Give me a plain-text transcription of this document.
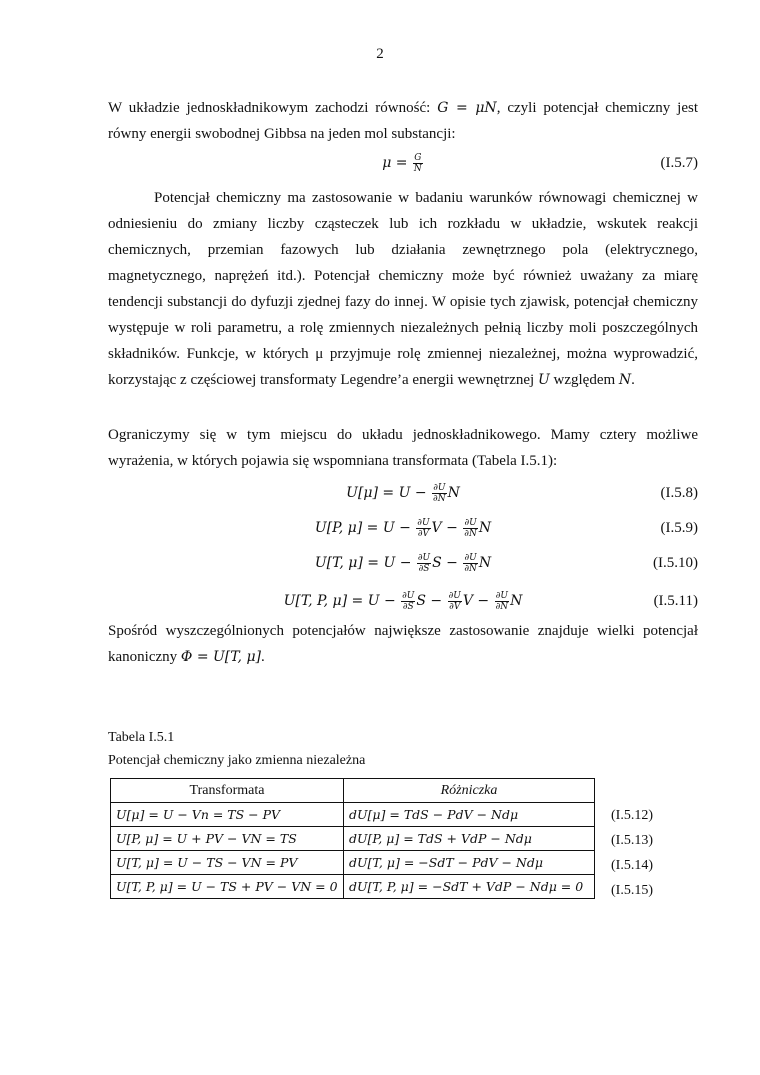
2

W układzie jednoskładnikowym zachodzi równość: G = μN, czyli potencjał chemiczny jest równy energii swobodnej Gibbsa na jeden mol substancji:

$\mu = \frac{G}{N}$	(I.5.7)

Potencjał chemiczny ma zastosowanie w badaniu warunków równowagi chemicznej w odniesieniu do zmiany liczby cząsteczek lub ich rozkładu w układzie, wskutek reakcji chemicznych, przemian fazowych lub działania zewnętrznego pola (elektrycznego, magnetycznego, naprężeń itd.). Potencjał chemiczny może być również uważany za miarę tendencji substancji do dyfuzji zjednej fazy do innej. W opisie tych zjawisk, potencjał chemiczny występuje w roli parametru, a rolę zmiennych niezależnych pełnią liczby moli poszczególnych składników. Funkcje, w których μ przyjmuje rolę zmiennej niezależnej, można wyprowadzić, korzystając z częściowej transformaty Legendre’a energii wewnętrznej U względem N.

Ograniczymy się w tym miejscu do układu jednoskładnikowego. Mamy cztery możliwe wyrażenia, w których pojawia się wspomniana transformata (Tabela I.5.1):

$U[\mu] = U - \frac{\partial U}{\partial N}$ N	(I.5.8)
U[P, $\mu] = U - \frac{\partial U}{\partial V}$ $V - \frac{\partial U}{\partial N}$ N	(I.5.9)
U[T, $\mu] = U - \frac{\partial U}{\partial S}$ $S - \frac{\partial U}{\partial N}$ N	(I.5.10)
U[T, P, $\mu] = U - \frac{\partial U}{\partial S}$ $S - \frac{\partial U}{\partial V}$ $V - \frac{\partial U}{\partial N}$ N	(I.5.11)

Spośród wyszczególnionych potencjałów największe zastosowanie znajduje wielki potencjał kanoniczny Φ = U[T, μ].

Tabela I.5.1
Potencjał chemiczny jako zmienna niezależna
Transformata	Różniczka
U[μ] = U − Vn = TS − PV	dU[μ] = TdS − PdV − Ndμ
U[P, μ] = U + PV − VN = TS	dU[P, μ] = TdS + VdP − Ndμ
U[T, μ] = U − TS − VN = PV	dU[T, μ] = −SdT − PdV − Ndμ
U[T, P, μ] = U − TS + PV − VN = 0	dU[T, P, μ] = −SdT + VdP − Ndμ = 0
(I.5.12)
(I.5.13)
(I.5.14)
(I.5.15)
